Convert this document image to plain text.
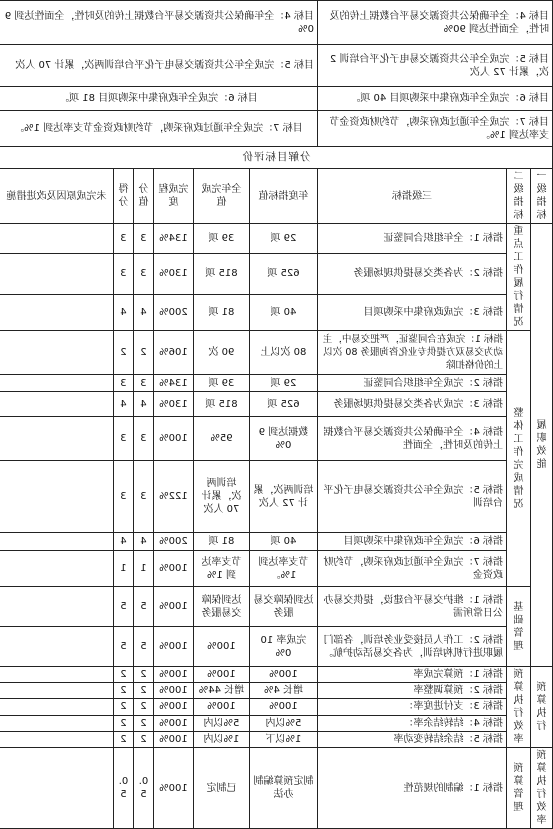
目标 4：全年确保公共资源交易平台数据上传的及时性，全面性达到 90%			目标 4：全年确保公共资源交易平台数据上传的及时性，全面性达到 90%					
目标 5：完成全年公共资源交易电子化平台培训 2 次，累计 72 人次			目标 5：完成全年公共资源交易电子化平台培训两次，累计 70 人次					
目标 6：完成全年政府集中采购项目 40 项。			目标 6：完成全年政府集中采购项目 81 项。					
目标 7：完成全年通过政府采购，节约财政资金节支率达到 1%。			目标 7：完成全年通过政府采购，节约财政资金节支率达到 1%。					
分解目标评价								
一级指标	二级指标	三级指标	年度指标值	全年完成值	完成程度	分值	得分	未完成原因及改进措施
履职效能	重点工作履行情况	指标 1：全年组织合同鉴证	29 项	39 项	134%	3	3	
		指标 2：为各类交易提供现场服务	625 项	815 项	130%	3	3	
		指标 3：完成政府集中采购项目	40 项	81 项	200%	4	4	
	整体工作完成情况	指标 1：完成在合同鉴证，严把交易中，主动为交易双方提供专业化咨询服务 80 次以上的价格扣除	80 次以上	90 次	106%	2	2	
		指标 2：完成全年组织合同鉴证	29 项	39 项	134%	3	3	
		指标 3：完成为各类交易提供现场服务	625 项	815 项	130%	4	4	
		指标 4：全年确保公共资源交易平台数据上传的及时性，全面性	数据达到 90%	95%	100%	3	3	
		指标 5：完成全年公共资源交易电子化平台培训	培训两次，累计 72 人次	培训两次，累计 70 人次	122%	3	3	
		指标 6：完成全年政府集中采购项目	40 项	81 项	200%	4	4	
		指标 7：完成全年通过政府采购，节约财政资金	节支率达到 1%。	节支率达到 1%	100%	1	1	
	基础管理	指标 1：维护交易平台建设，提供交易办公日常所需	达到保障交易服务	达到保障交易服务	100%	5	5	
		指标 2：工作人员接受业务培训，各部门履职进行机构培训，为各交易活动护航。	完成率 100%	100%	100%	5	5	
预算执行	预算执行效率	指标 1：预算完成率	100%	100%	100%	2	2	
		指标 2：预算调整率	增长 4%	增长 44%	100%	2	2	
		指标 3：支付进度率：	100%	100%	100%	2	2	
		指标 4：结转结余率：	5%以内	5%以内	100%	2	2	
		指标 5：结余结转变动率	1%以下	1%以内	100%	2	2	
预算执行效率	预算管理	指标 1：编制的规范性	制定预算编制办法	已制定	100%	0.5	0.5	
